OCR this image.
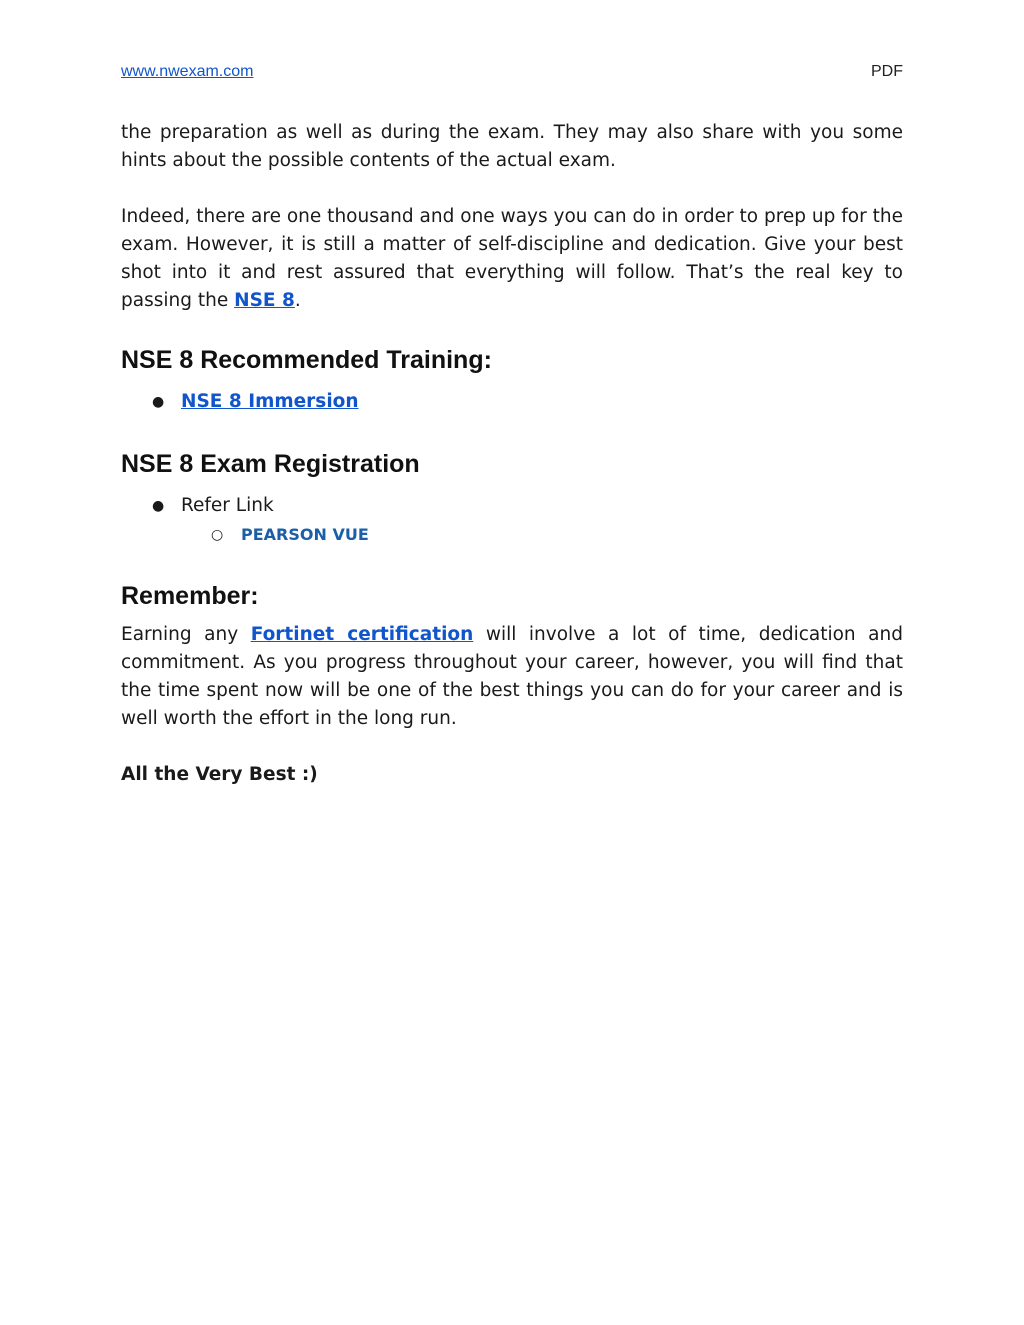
www.nwexam.com	PDF

the preparation as well as during the exam. They may also share with you some hints about the possible contents of the actual exam.

Indeed, there are one thousand and one ways you can do in order to prep up for the exam. However, it is still a matter of self-discipline and dedication. Give your best shot into it and rest assured that everything will follow. That’s the real key to passing the NSE 8.

NSE 8 Recommended Training:
● NSE 8 Immersion
NSE 8 Exam Registration
● Refer Link
○ PEARSON VUE
Remember:

Earning any Fortinet certification will involve a lot of time, dedication and commitment. As you progress throughout your career, however, you will find that the time spent now will be one of the best things you can do for your career and is well worth the effort in the long run.

All the Very Best :)
